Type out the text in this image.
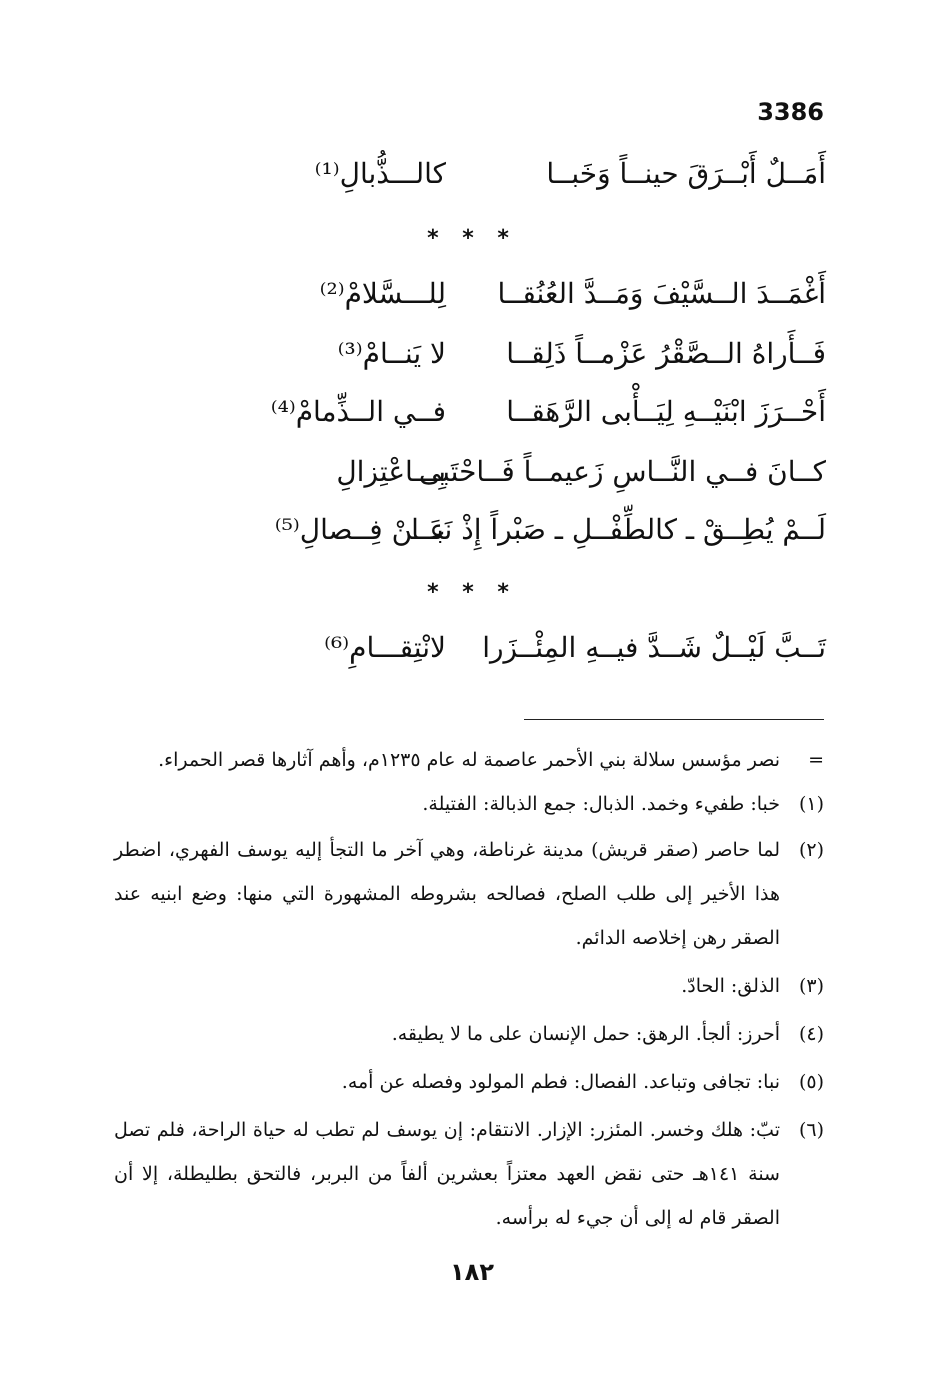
3386
أَمَــلٌ أَبْــرَقَ حينــاً وَخَبــا
كالـــذُّبالِ⁽¹⁾
* * *
أَغْمَــدَ الــسَّيْفَ وَمَــدَّ العُنُقــا
لِلـــسَّلامْ⁽²⁾
فَــأَراهُ الــصَّقْرُ عَزْمــاً ذَلِقــا
لا يَنــامْ⁽³⁾
أَحْــرَزَ ابْنَيْــهِ لِيَــأْبى الرَّهَقــا
فــي الــذِّمامْ⁽⁴⁾
كــانَ فــي النَّــاسِ زَعيمــاً فَــاحْتَبى
بِـــاعْتِزالِ
لَــمْ يُطِــقْ ـ كالطِّفْــلِ ـ صَبْراً إِذْ نَبــا
عَــنْ فِــصالِ⁽⁵⁾
* * *
تَــبَّ لَيْــلٌ شَــدَّ فيــهِ المِئْــزَرا
لانْتِقـــامِ⁽⁶⁾
=
نصر مؤسس سلالة بني الأحمر عاصمة له عام ١٢٣٥م، وأهم آثارها قصر الحمراء.
(١)
خبا: طفيء وخمد. الذبال: جمع الذبالة: الفتيلة.
(٢)
لما حاصر (صقر قريش) مدينة غرناطة، وهي آخر ما التجأ إليه يوسف الفهري، اضطر هذا الأخير إلى طلب الصلح، فصالحه بشروطه المشهورة التي منها: وضع ابنيه عند الصقر رهن إخلاصه الدائم.
(٣)
الذلق: الحادّ.
(٤)
أحرز: ألجأ. الرهق: حمل الإنسان على ما لا يطيقه.
(٥)
نبا: تجافى وتباعد. الفصال: فطم المولود وفصله عن أمه.
(٦)
تبّ: هلك وخسر. المئزر: الإزار. الانتقام: إن يوسف لم تطب له حياة الراحة، فلم تصل سنة ١٤١هـ حتى نقض العهد معتزاً بعشرين ألفاً من البربر، فالتحق بطليطلة، إلا أن الصقر قام له إلى أن جيء له برأسه.
١٨٢
